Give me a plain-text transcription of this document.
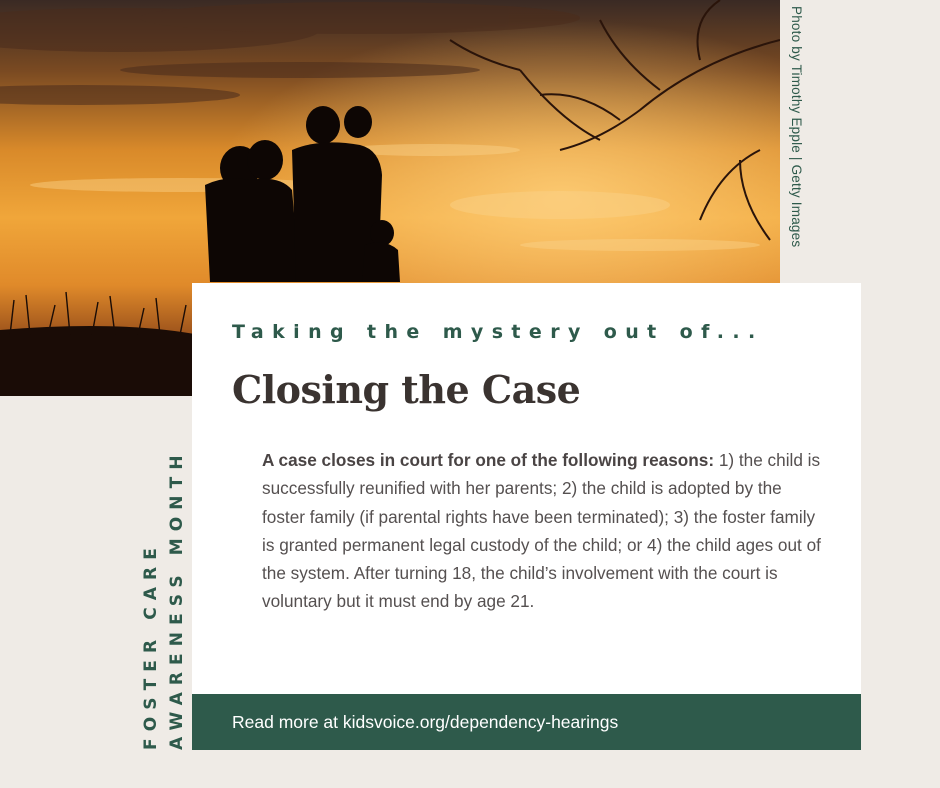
Photo by Timothy Epple | Getty Images
FOSTER CARE AWARENESS MONTH
Taking the mystery out of...
Closing the Case
A case closes in court for one of the following reasons: 1) the child is successfully reunified with her parents; 2) the child is adopted by the foster family (if parental rights have been terminated); 3) the foster family is granted permanent legal custody of the child; or 4) the child ages out of the system. After turning 18, the child’s involvement with the court is voluntary but it must end by age 21.
Read more at kidsvoice.org/dependency-hearings
